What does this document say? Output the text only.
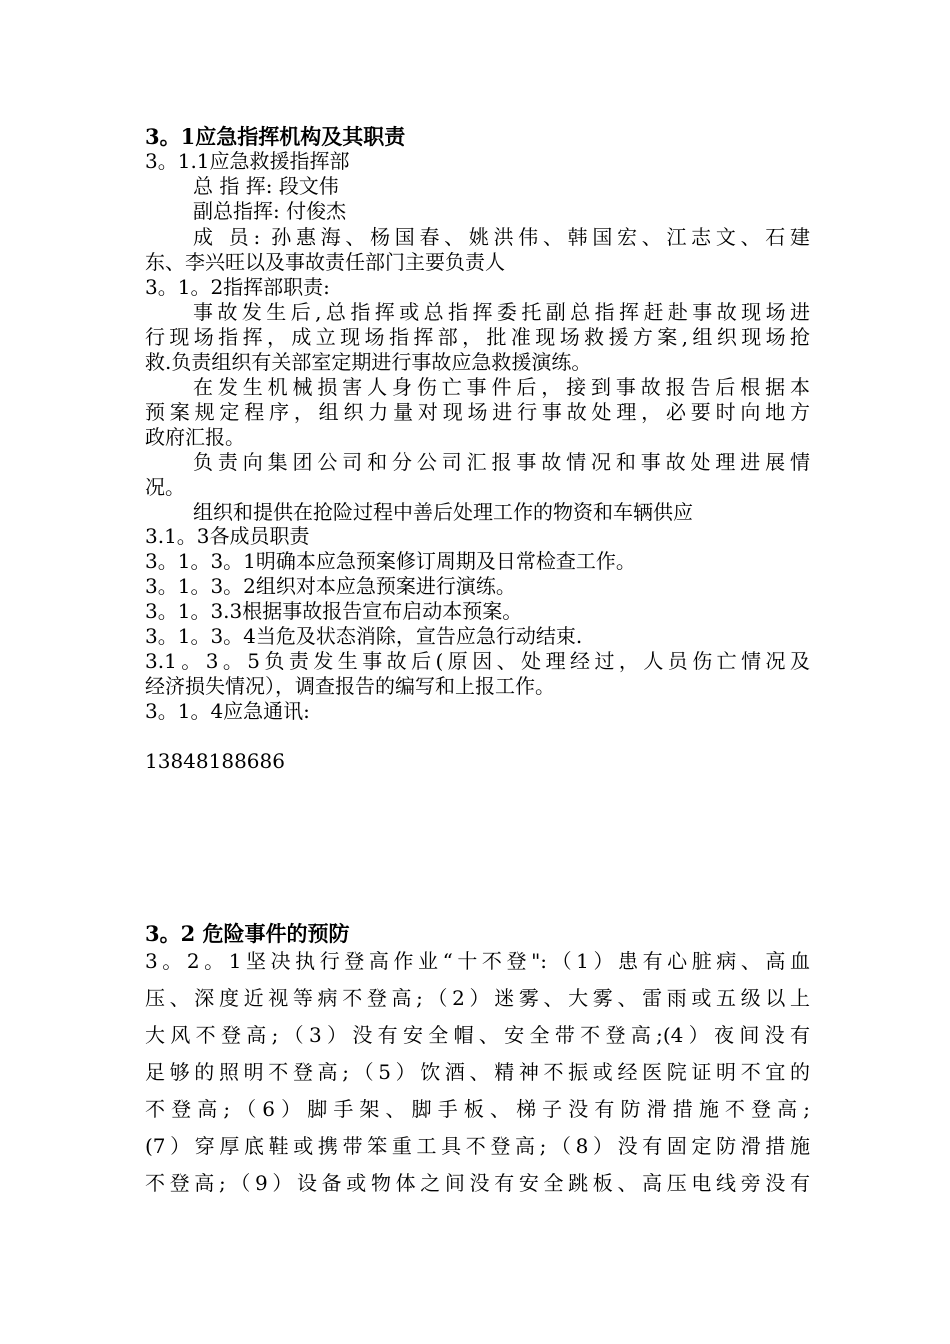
3。1应急指挥机构及其职责
3。1.1应急救援指挥部
总 指 挥: 段文伟
副总指挥: 付俊杰
成 员: 孙惠海、杨国春、姚洪伟、韩国宏、江志文、石建
东、李兴旺以及事故责任部门主要负责人
3。1。2指挥部职责:
事故发生后,总指挥或总指挥委托副总指挥赶赴事故现场进
行现场指挥，成立现场指挥部，批准现场救援方案,组织现场抢
救.负责组织有关部室定期进行事故应急救援演练。
在发生机械损害人身伤亡事件后，接到事故报告后根据本
预案规定程序，组织力量对现场进行事故处理，必要时向地方
政府汇报。
负责向集团公司和分公司汇报事故情况和事故处理进展情
况。
组织和提供在抢险过程中善后处理工作的物资和车辆供应
3.1。3各成员职责
3。1。3。1明确本应急预案修订周期及日常检查工作。
3。1。3。2组织对本应急预案进行演练。
3。1。3.3根据事故报告宣布启动本预案。
3。1。3。4当危及状态消除，宣告应急行动结束.
3.1。3。5负责发生事故后(原因、处理经过，人员伤亡情况及
经济损失情况），调查报告的编写和上报工作。
3。1。4应急通讯:
13848188686
3。2 危险事件的预防
3。2。1坚决执行登高作业“十不登":（1）患有心脏病、高血
压、深度近视等病不登高;（2）迷雾、大雾、雷雨或五级以上
大风不登高;（3）没有安全帽、安全带不登高;(4）夜间没有
足够的照明不登高;（5）饮酒、精神不振或经医院证明不宜的
不登高;（6）脚手架、脚手板、梯子没有防滑措施不登高;
(7）穿厚底鞋或携带笨重工具不登高;（8）没有固定防滑措施
不登高;（9）设备或物体之间没有安全跳板、高压电线旁没有
